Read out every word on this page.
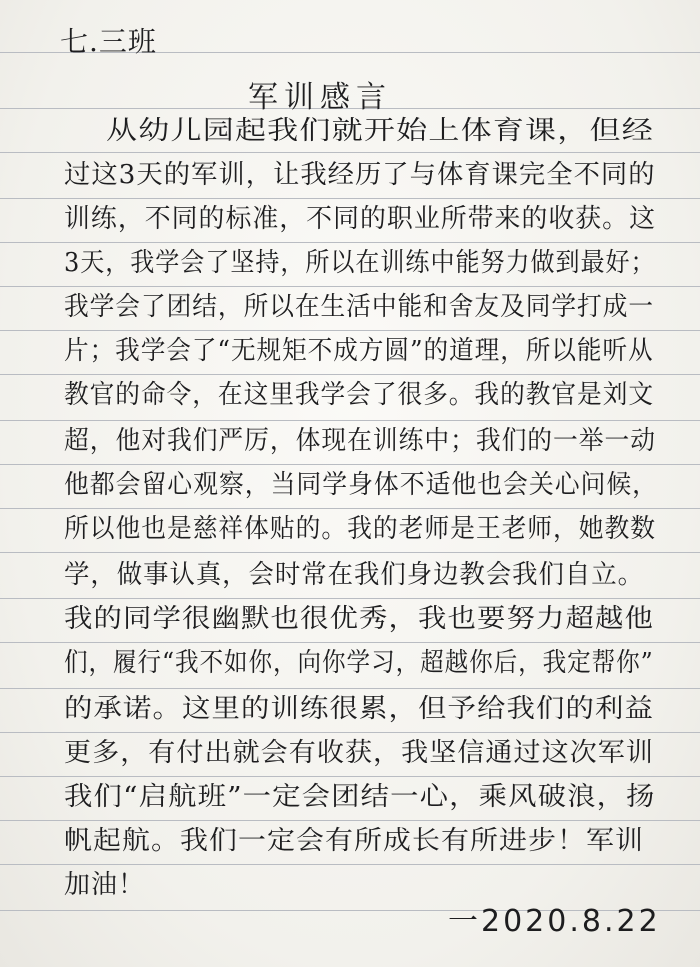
七.三班
军训感言
从幼儿园起我们就开始上体育课，但经
过这3天的军训，让我经历了与体育课完全不同的
训练，不同的标准，不同的职业所带来的收获。这
3天，我学会了坚持，所以在训练中能努力做到最好；
我学会了团结，所以在生活中能和舍友及同学打成一
片；我学会了“无规矩不成方圆”的道理，所以能听从
教官的命令，在这里我学会了很多。我的教官是刘文
超，他对我们严厉，体现在训练中；我们的一举一动
他都会留心观察，当同学身体不适他也会关心问候，
所以他也是慈祥体贴的。我的老师是王老师，她教数
学，做事认真，会时常在我们身边教会我们自立。
我的同学很幽默也很优秀，我也要努力超越他
们，履行“我不如你，向你学习，超越你后，我定帮你”
的承诺。这里的训练很累，但予给我们的利益
更多，有付出就会有收获，我坚信通过这次军训
我们“启航班”一定会团结一心，乘风破浪，扬
帆起航。我们一定会有所成长有所进步！军训
加油！
一2020.8.22
